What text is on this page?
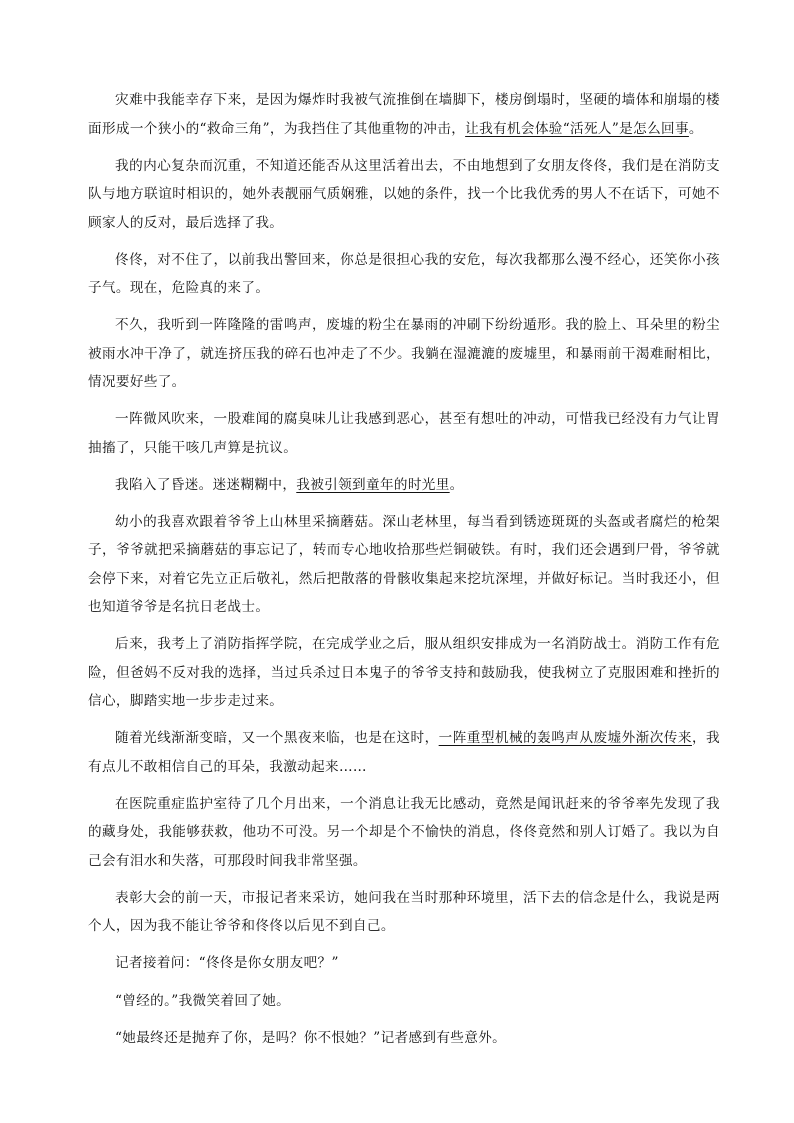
灾难中我能幸存下来，是因为爆炸时我被气流推倒在墙脚下，楼房倒塌时，坚硬的墙体和崩塌的楼面形成一个狭小的“救命三角”，为我挡住了其他重物的冲击，让我有机会体验“活死人”是怎么回事。

我的内心复杂而沉重，不知道还能否从这里活着出去，不由地想到了女朋友佟佟，我们是在消防支队与地方联谊时相识的，她外表靓丽气质娴雅，以她的条件，找一个比我优秀的男人不在话下，可她不顾家人的反对，最后选择了我。

佟佟，对不住了，以前我出警回来，你总是很担心我的安危，每次我都那么漫不经心，还笑你小孩子气。现在，危险真的来了。

不久，我听到一阵隆隆的雷鸣声，废墟的粉尘在暴雨的冲刷下纷纷遁形。我的脸上、耳朵里的粉尘被雨水冲干净了，就连挤压我的碎石也冲走了不少。我躺在湿漉漉的废墟里，和暴雨前干渴难耐相比，情况要好些了。

一阵微风吹来，一股难闻的腐臭味儿让我感到恶心，甚至有想吐的冲动，可惜我已经没有力气让胃抽搐了，只能干咳几声算是抗议。

我陷入了昏迷。迷迷糊糊中，我被引领到童年的时光里。

幼小的我喜欢跟着爷爷上山林里采摘蘑菇。深山老林里，每当看到锈迹斑斑的头盔或者腐烂的枪架子，爷爷就把采摘蘑菇的事忘记了，转而专心地收拾那些烂铜破铁。有时，我们还会遇到尸骨，爷爷就会停下来，对着它先立正后敬礼，然后把散落的骨骸收集起来挖坑深埋，并做好标记。当时我还小，但也知道爷爷是名抗日老战士。

后来，我考上了消防指挥学院，在完成学业之后，服从组织安排成为一名消防战士。消防工作有危险，但爸妈不反对我的选择，当过兵杀过日本鬼子的爷爷支持和鼓励我，使我树立了克服困难和挫折的信心，脚踏实地一步步走过来。

随着光线渐渐变暗，又一个黑夜来临，也是在这时，一阵重型机械的轰鸣声从废墟外渐次传来，我有点儿不敢相信自己的耳朵，我激动起来……

在医院重症监护室待了几个月出来，一个消息让我无比感动，竟然是闻讯赶来的爷爷率先发现了我的藏身处，我能够获救，他功不可没。另一个却是个不愉快的消息，佟佟竟然和别人订婚了。我以为自己会有泪水和失落，可那段时间我非常坚强。

表彰大会的前一天，市报记者来采访，她问我在当时那种环境里，活下去的信念是什么，我说是两个人，因为我不能让爷爷和佟佟以后见不到自己。

记者接着问：“佟佟是你女朋友吧？”

“曾经的。”我微笑着回了她。

“她最终还是抛弃了你，是吗？你不恨她？”记者感到有些意外。
